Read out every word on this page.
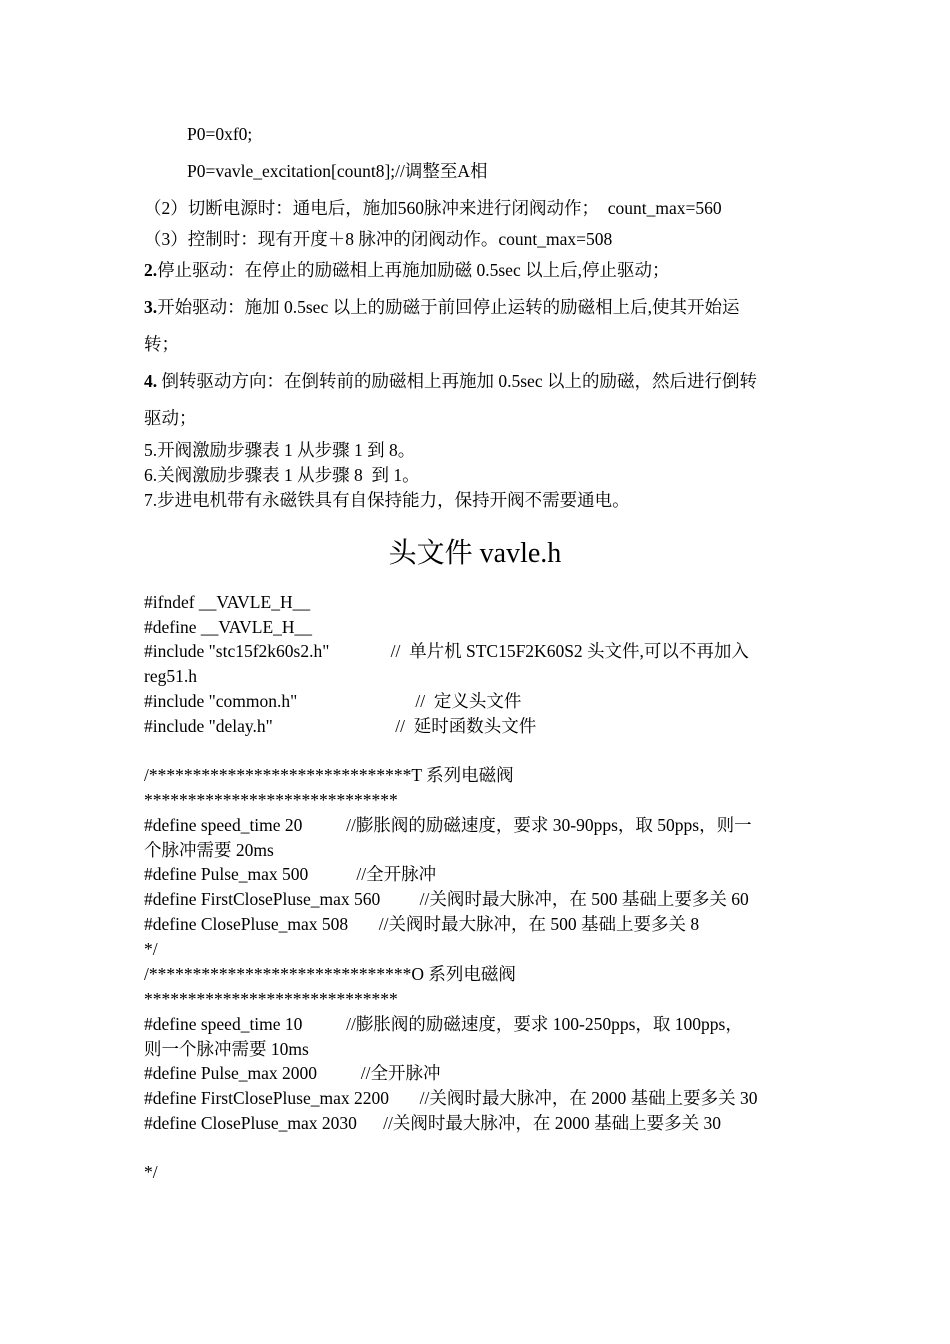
P0=0xf0;
P0=vavle_excitation[count8];//调整至A相
（2）切断电源时：通电后，施加560脉冲来进行闭阀动作；  count_max=560
（3）控制时：现有开度＋8 脉冲的闭阀动作。count_max=508
2.停止驱动：在停止的励磁相上再施加励磁 0.5sec 以上后,停止驱动；
3.开始驱动：施加 0.5sec 以上的励磁于前回停止运转的励磁相上后,使其开始运
转；
4. 倒转驱动方向：在倒转前的励磁相上再施加 0.5sec 以上的励磁，然后进行倒转
驱动；
5.开阀激励步骤表 1 从步骤 1 到 8。
6.关阀激励步骤表 1 从步骤 8  到 1。
7.步进电机带有永磁铁具有自保持能力，保持开阀不需要通电。
头文件 vavle.h
#ifndef __VAVLE_H__
#define __VAVLE_H__
#include "stc15f2k60s2.h"              //  单片机 STC15F2K60S2 头文件,可以不再加入
reg51.h
#include "common.h"                           //  定义头文件
#include "delay.h"                            //  延时函数头文件
/******************************T 系列电磁阀
*****************************
#define speed_time 20          //膨胀阀的励磁速度，要求 30-90pps，取 50pps，则一
个脉冲需要 20ms
#define Pulse_max 500           //全开脉冲
#define FirstClosePluse_max 560         //关阀时最大脉冲，在 500 基础上要多关 60
#define ClosePluse_max 508       //关阀时最大脉冲，在 500 基础上要多关 8
*/
/******************************O 系列电磁阀
*****************************
#define speed_time 10          //膨胀阀的励磁速度，要求 100-250pps，取 100pps，
则一个脉冲需要 10ms
#define Pulse_max 2000          //全开脉冲
#define FirstClosePluse_max 2200       //关阀时最大脉冲，在 2000 基础上要多关 30
#define ClosePluse_max 2030      //关阀时最大脉冲，在 2000 基础上要多关 30
*/
